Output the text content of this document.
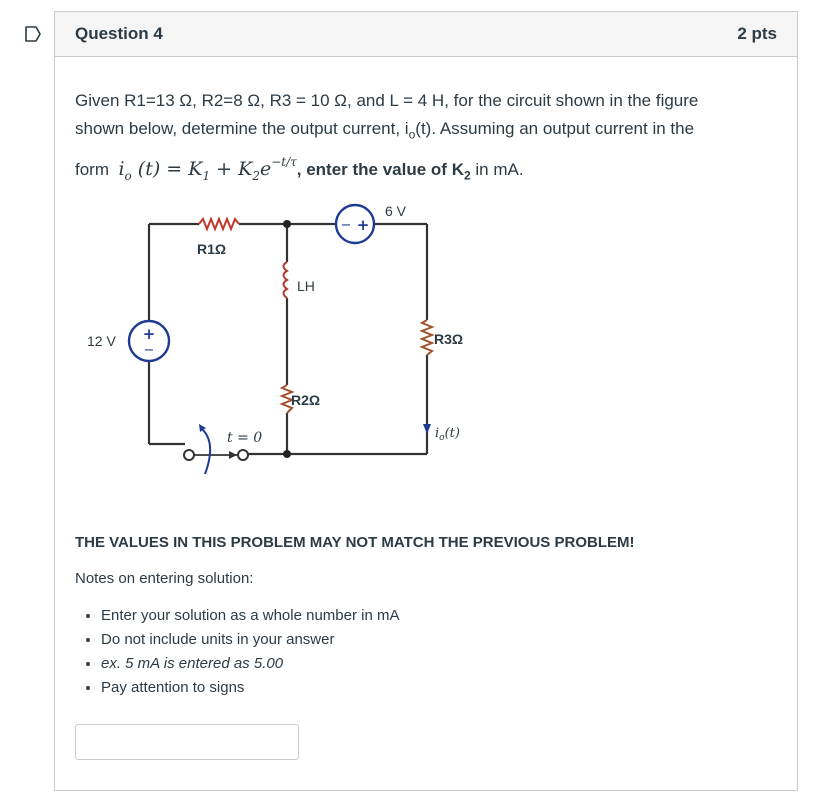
Question 4	2 pts
Given R1=13 Ω, R2=8 Ω, R3 = 10 Ω, and L = 4 H, for the circuit shown in the figure
shown below, determine the output current, $i_o(t)$. Assuming an output current in the
form $i_o$ $(t) = K_1 + K_2e^{-t/\tau}$, enter the value of $K_2$ in mA.
+
−
− +
12 V
6 V
R1Ω
LH
R2Ω
R3Ω
t = 0	$i_o(t)$
THE VALUES IN THIS PROBLEM MAY NOT MATCH THE PREVIOUS PROBLEM!
Notes on entering solution:
• Enter your solution as a whole number in mA
• Do not include units in your answer
• ex. 5 mA is entered as 5.00
• Pay attention to signs
